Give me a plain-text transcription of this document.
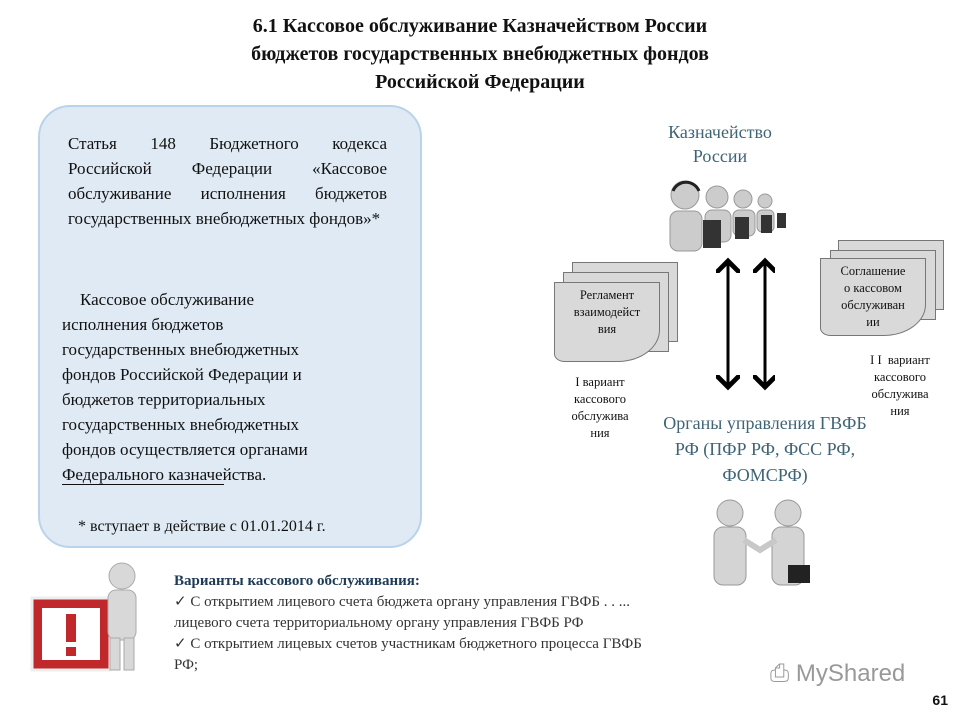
6.1 Кассовое обслуживание Казначейством России
бюджетов государственных внебюджетных фондов
Российской Федерации
Статья 148 Бюджетного кодекса Российской Федерации «Кассовое обслуживание исполнения бюджетов государственных внебюджетных фондов»*
Кассовое обслуживание
исполнения бюджетов
государственных внебюджетных
фондов Российской Федерации и
бюджетов территориальных
государственных внебюджетных
фондов осуществляется органами
Федерального казначейства.
* вступает в действие с 01.01.2014 г.
Казначейство
России
Регламент
взаимодейст
вия
Соглашение
о кассовом
обслуживан
ии
I вариант
кассового
обслужива
ния
I I  вариант
кассового
обслужива
ния
Органы управления ГВФБ
РФ (ПФР РФ, ФСС РФ,
ФОМСРФ)
Варианты кассового обслуживания:
✓ С открытием лицевого счета бюджета органу управления ГВФБ . . ...
лицевого счета территориальному органу управления ГВФБ РФ
✓ С открытием лицевых счетов участникам бюджетного процесса ГВФБ
РФ;	⎙ MyShared
61
